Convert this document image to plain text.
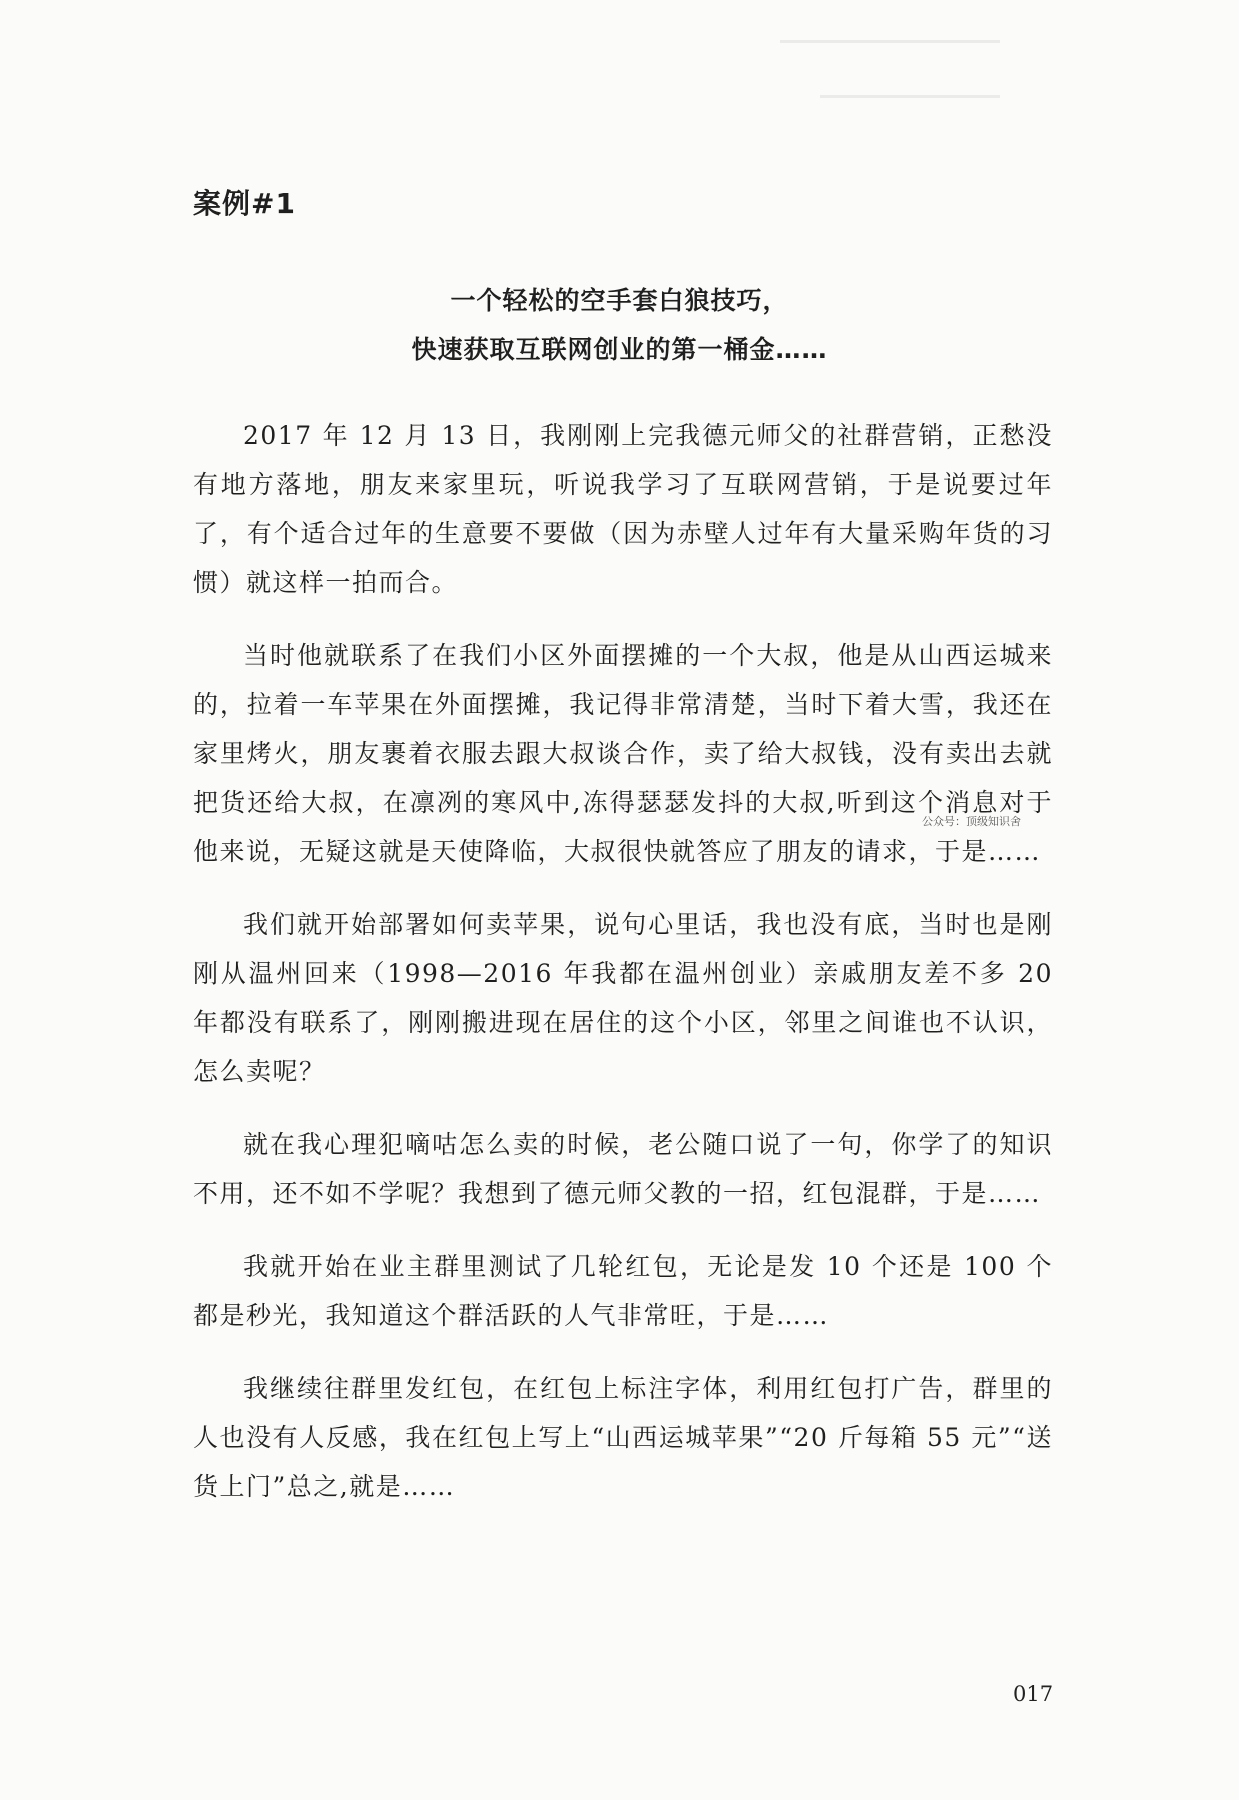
案例#1

一个轻松的空手套白狼技巧，

快速获取互联网创业的第一桶金……

2017 年 12 月 13 日，我刚刚上完我德元师父的社群营销，正愁没有地方落地，朋友来家里玩，听说我学习了互联网营销，于是说要过年了，有个适合过年的生意要不要做（因为赤壁人过年有大量采购年货的习惯）就这样一拍而合。

当时他就联系了在我们小区外面摆摊的一个大叔，他是从山西运城来的，拉着一车苹果在外面摆摊，我记得非常清楚，当时下着大雪，我还在家里烤火，朋友裹着衣服去跟大叔谈合作，卖了给大叔钱，没有卖出去就把货还给大叔，在凛冽的寒风中,冻得瑟瑟发抖的大叔,听到这个消息对于他来说，无疑这就是天使降临，大叔很快就答应了朋友的请求，于是……

我们就开始部署如何卖苹果，说句心里话，我也没有底，当时也是刚刚从温州回来（1998—2016 年我都在温州创业）亲戚朋友差不多 20 年都没有联系了，刚刚搬进现在居住的这个小区，邻里之间谁也不认识，怎么卖呢？

就在我心理犯嘀咕怎么卖的时候，老公随口说了一句，你学了的知识不用，还不如不学呢？我想到了德元师父教的一招，红包混群，于是……

我就开始在业主群里测试了几轮红包，无论是发 10 个还是 100 个都是秒光，我知道这个群活跃的人气非常旺，于是……

我继续往群里发红包，在红包上标注字体，利用红包打广告，群里的人也没有人反感，我在红包上写上“山西运城苹果”“20 斤每箱 55 元”“送货上门”总之,就是……

公众号：顶级知识舍
017
